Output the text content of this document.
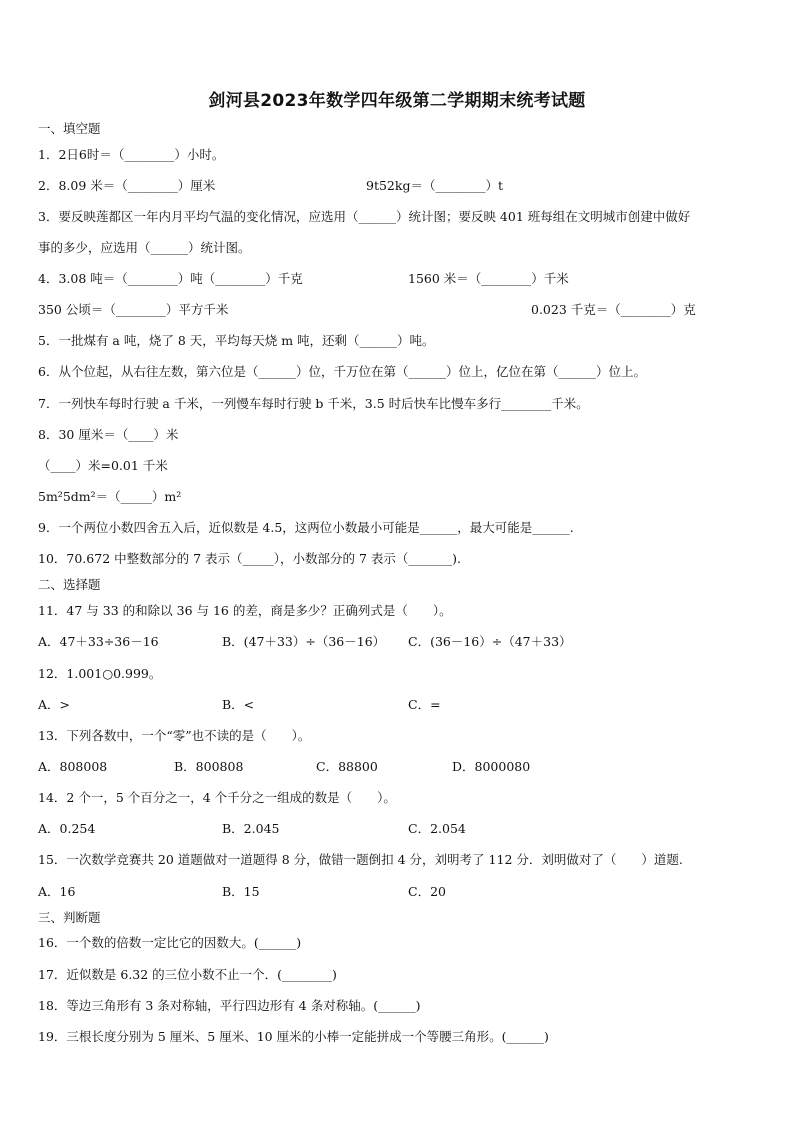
剑河县2023年数学四年级第二学期期末统考试题
一、填空题
1．2日6时＝（________）小时。
2．8.09 米＝（________）厘米	9t52kg＝（________）t
3．要反映莲都区一年内月平均气温的变化情况，应选用（______）统计图；要反映 401 班每组在文明城市创建中做好
事的多少，应选用（______）统计图。
4．3.08 吨＝（________）吨（________）千克	1560 米＝（________）千米
350 公顷＝（________）平方千米	0.023 千克＝（________）克
5．一批煤有 a 吨，烧了 8 天，平均每天烧 m 吨，还剩（______）吨。
6．从个位起，从右往左数，第六位是（______）位，千万位在第（______）位上，亿位在第（______）位上。
7．一列快车每时行驶 a 千米，一列慢车每时行驶 b 千米，3.5 时后快车比慢车多行________千米。
8．30 厘米＝（____）米
（____）米=0.01 千米
5m²5dm²＝（_____）m²
9．一个两位小数四舍五入后，近似数是 4.5，这两位小数最小可能是______，最大可能是______.
10．70.672 中整数部分的 7 表示（_____），小数部分的 7 表示（_______).
二、选择题
11．47 与 33 的和除以 36 与 16 的差，商是多少？正确列式是（　　）。
A．47＋33÷36－16	B．(47＋33）÷（36－16） C．(36－16）÷（47＋33）
12．1.001○0.999。
A．>	B．<	C．=
13．下列各数中，一个“零”也不读的是（　　）。
A．808008	B．800808	C．88800	D．8000080
14．2 个一，5 个百分之一，4 个千分之一组成的数是（　　）。
A．0.254	B．2.045	C．2.054
15．一次数学竞赛共 20 道题做对一道题得 8 分，做错一题倒扣 4 分，刘明考了 112 分．刘明做对了（　　）道题.
A．16	B．15	C．20
三、判断题
16．一个数的倍数一定比它的因数大。(______)
17．近似数是 6.32 的三位小数不止一个．(________)
18．等边三角形有 3 条对称轴，平行四边形有 4 条对称轴。(______)
19．三根长度分别为 5 厘米、5 厘米、10 厘米的小棒一定能拼成一个等腰三角形。(______)
